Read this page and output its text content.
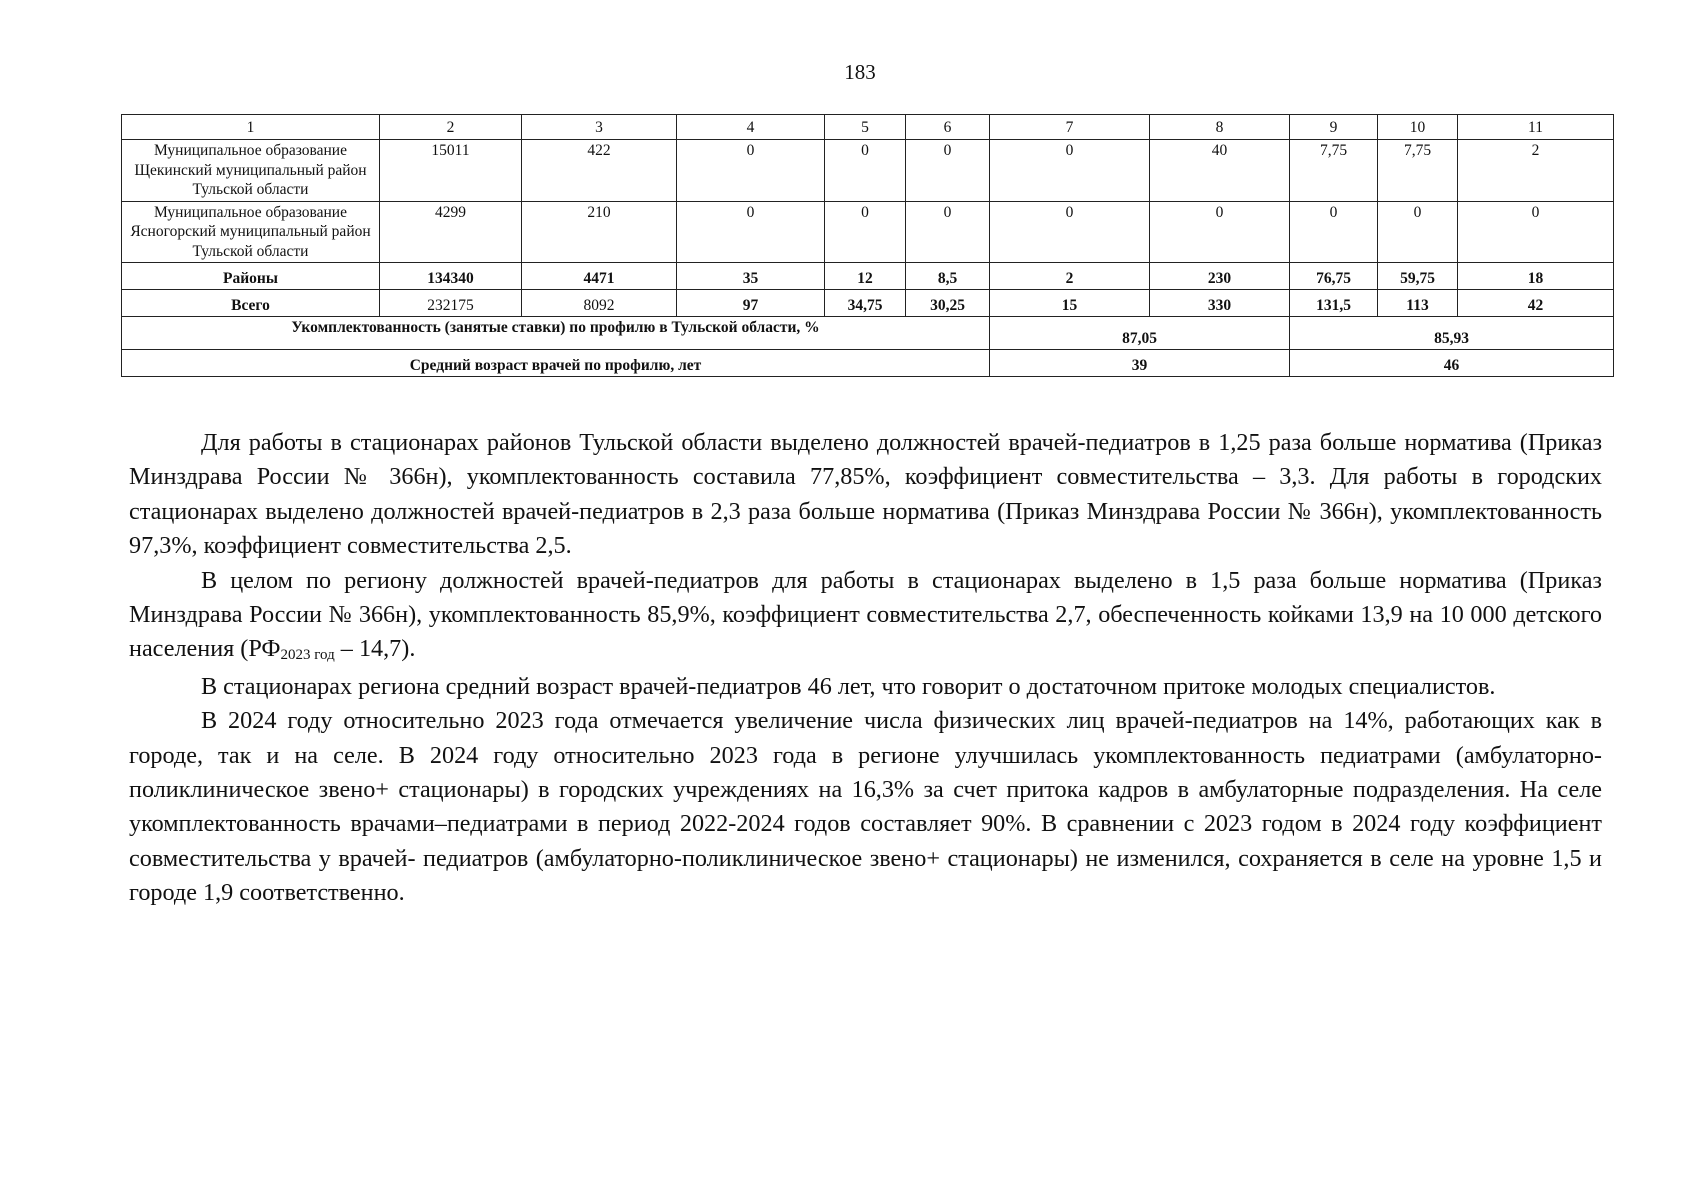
183
1	2	3	4	5	6	7	8	9	10	11
Муниципальное образование Щекинский муниципальный район Тульской области	15011	422	0	0	0	0	40	7,75	7,75	2
Муниципальное образование Ясногорский муниципальный район Тульской области	4299	210	0	0	0	0	0	0	0	0
Районы	134340	4471	35	12	8,5	2	230	76,75	59,75	18
Всего	232175	8092	97	34,75	30,25	15	330	131,5	113	42
Укомплектованность (занятые ставки) по профилю в Тульской области, %						87,05		85,93		
Средний возраст врачей по профилю, лет						39		46		

Для работы в стационарах районов Тульской области выделено должностей врачей-педиатров в 1,25 раза больше норматива (Приказ Минздрава России № 366н), укомплектованность составила 77,85%, коэффициент совместительства – 3,3. Для работы в городских стационарах выделено должностей врачей-педиатров в 2,3 раза больше норматива (Приказ Минздрава России № 366н), укомплектованность 97,3%, коэффициент совместительства 2,5.

В целом по региону должностей врачей-педиатров для работы в стационарах выделено в 1,5 раза больше норматива (Приказ Минздрава России № 366н), укомплектованность 85,9%, коэффициент совместительства 2,7, обеспеченность койками 13,9 на 10 000 детского населения $(РФ_{2023 год} - 14,7)$.

В стационарах региона средний возраст врачей-педиатров 46 лет, что говорит о достаточном притоке молодых специалистов.

В 2024 году относительно 2023 года отмечается увеличение числа физических лиц врачей-педиатров на 14%, работающих как в городе, так и на селе. В 2024 году относительно 2023 года в регионе улучшилась укомплектованность педиатрами (амбулаторно-поликлиническое звено+ стационары) в городских учреждениях на 16,3% за счет притока кадров в амбулаторные подразделения. На селе укомплектованность врачами–педиатрами в период 2022-2024 годов составляет 90%. В сравнении с 2023 годом в 2024 году коэффициент совместительства у врачей- педиатров (амбулаторно-поликлиническое звено+ стационары) не изменился, сохраняется в селе на уровне 1,5 и городе 1,9 соответственно.
